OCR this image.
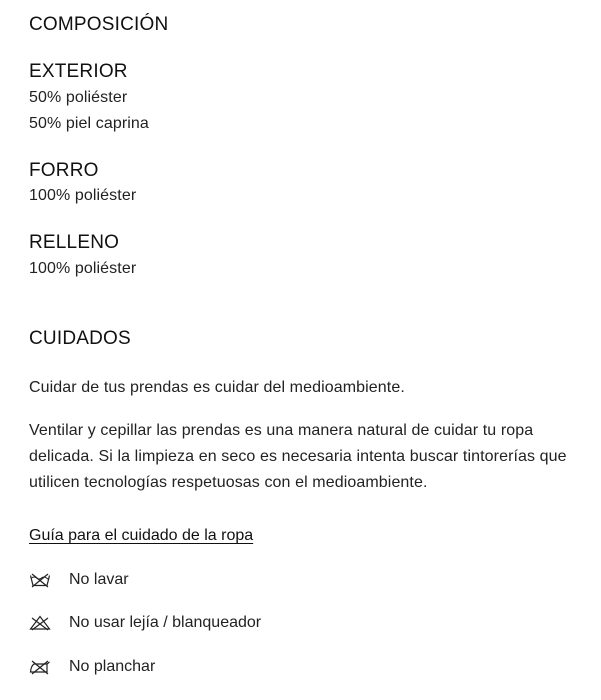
COMPOSICIÓN
EXTERIOR
50% poliéster
50% piel caprina
FORRO
100% poliéster
RELLENO
100% poliéster
CUIDADOS
Cuidar de tus prendas es cuidar del medioambiente.
Ventilar y cepillar las prendas es una manera natural de cuidar tu ropa delicada. Si la limpieza en seco es necesaria intenta buscar tintorerías que utilicen tecnologías respetuosas con el medioambiente.
Guía para el cuidado de la ropa
No lavar
No usar lejía / blanqueador
No planchar
